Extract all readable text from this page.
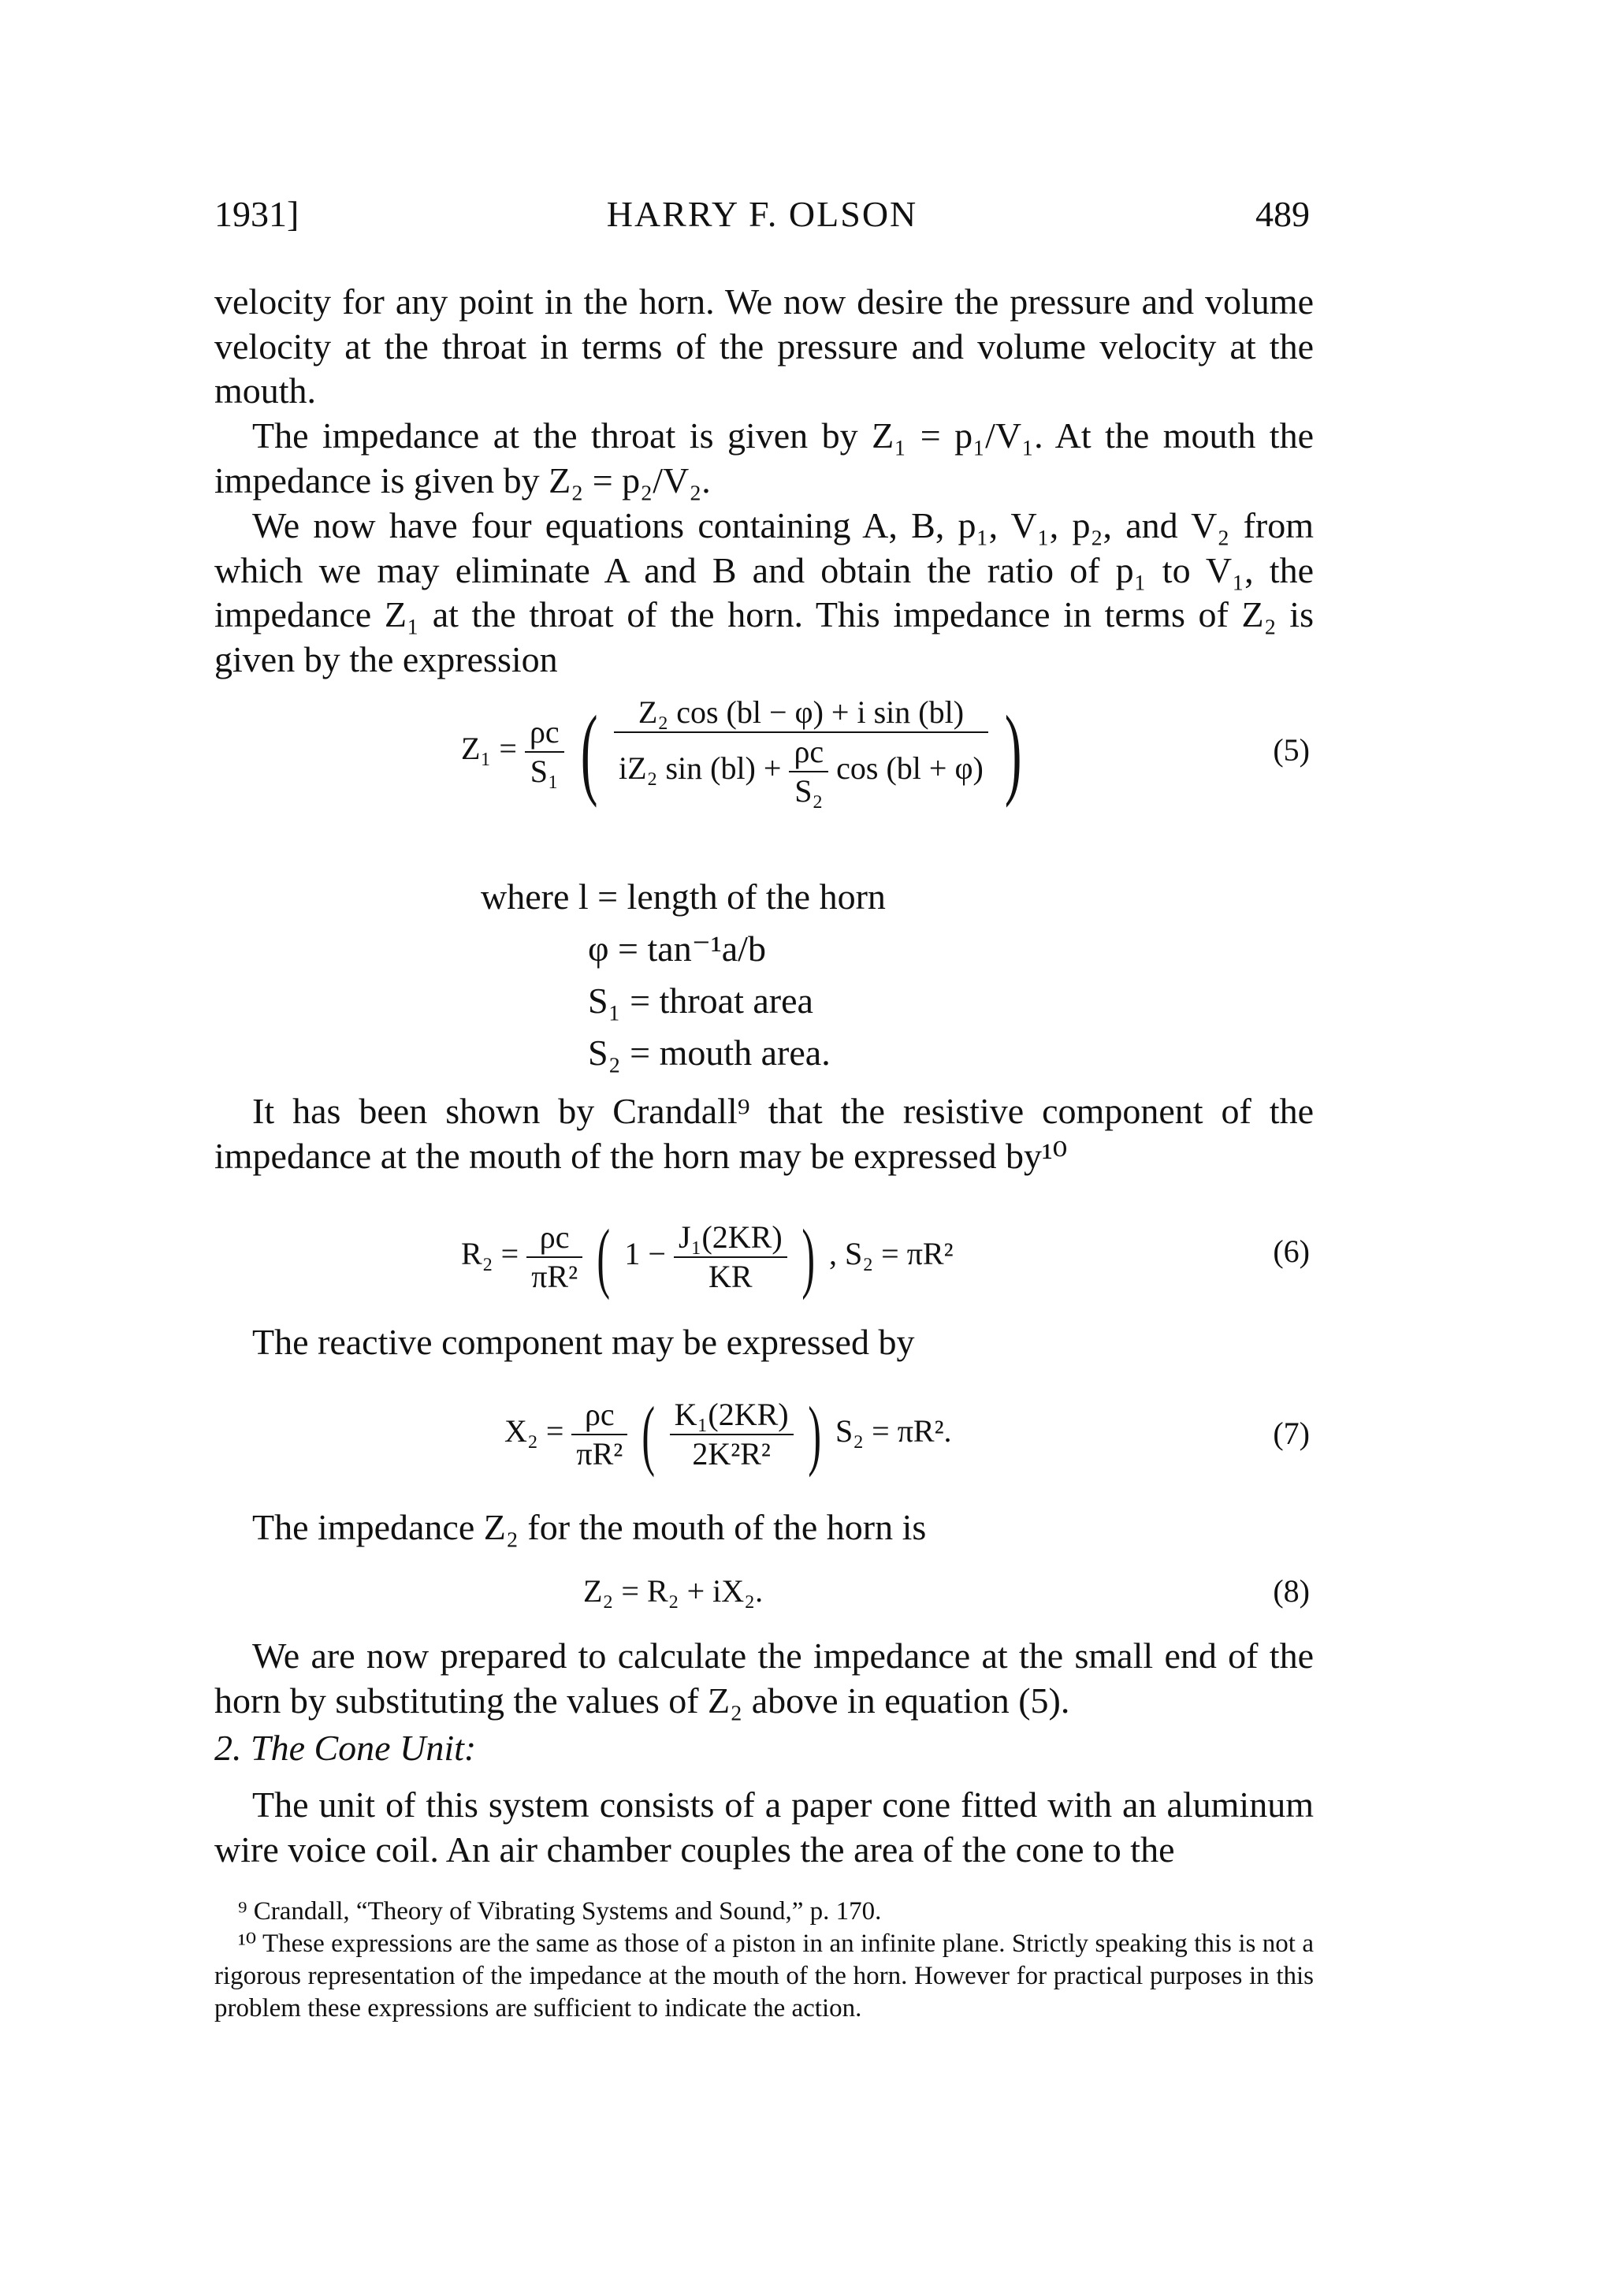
1931]	HARRY F. OLSON	489
velocity for any point in the horn. We now desire the pressure and volume velocity at the throat in terms of the pressure and volume velocity at the mouth.
The impedance at the throat is given by Z₁ = p₁/V₁. At the mouth the impedance is given by Z₂ = p₂/V₂.
We now have four equations containing A, B, p₁, V₁, p₂, and V₂ from which we may eliminate A and B and obtain the ratio of p₁ to V₁, the impedance Z₁ at the throat of the horn. This impedance in terms of Z₂ is given by the expression
$Z_1 = \frac{\rho c}{\text{S₁}}$ (	Z₂ cos (bl − φ) + i sin (bl)
iZ₂ $\sin (bl) + \frac{\rho c}{\text{S₂}}$ cos (bl + φ) )	(5)
where l = length of the horn
φ = tan⁻¹a/b
S₁ = throat area
S₂ = mouth area.
It has been shown by Crandall⁹ that the resistive component of the impedance at the mouth of the horn may be expressed by¹⁰
$R_2 = \frac{\rho c}{\text{πR²}}$ ( $1 - \frac{\text{J₁(2KR)}}{KR}$ ) , S₂ = πR²	(6)
The reactive component may be expressed by
$X_2 = \frac{\rho c}{\text{πR²}}$ ( $\frac{\text{K₁(2KR)}}{\text{2K²R²}}$ ) S₂ = πR².	(7)
The impedance Z₂ for the mouth of the horn is
Z₂ = R₂ + iX₂.	(8)
We are now prepared to calculate the impedance at the small end of the horn by substituting the values of Z₂ above in equation (5).
2. The Cone Unit:
The unit of this system consists of a paper cone fitted with an aluminum wire voice coil. An air chamber couples the area of the cone to the
⁹ Crandall, “Theory of Vibrating Systems and Sound,” p. 170.
¹⁰ These expressions are the same as those of a piston in an infinite plane. Strictly speaking this is not a rigorous representation of the impedance at the mouth of the horn. However for practical purposes in this problem these expressions are sufficient to indicate the action.
